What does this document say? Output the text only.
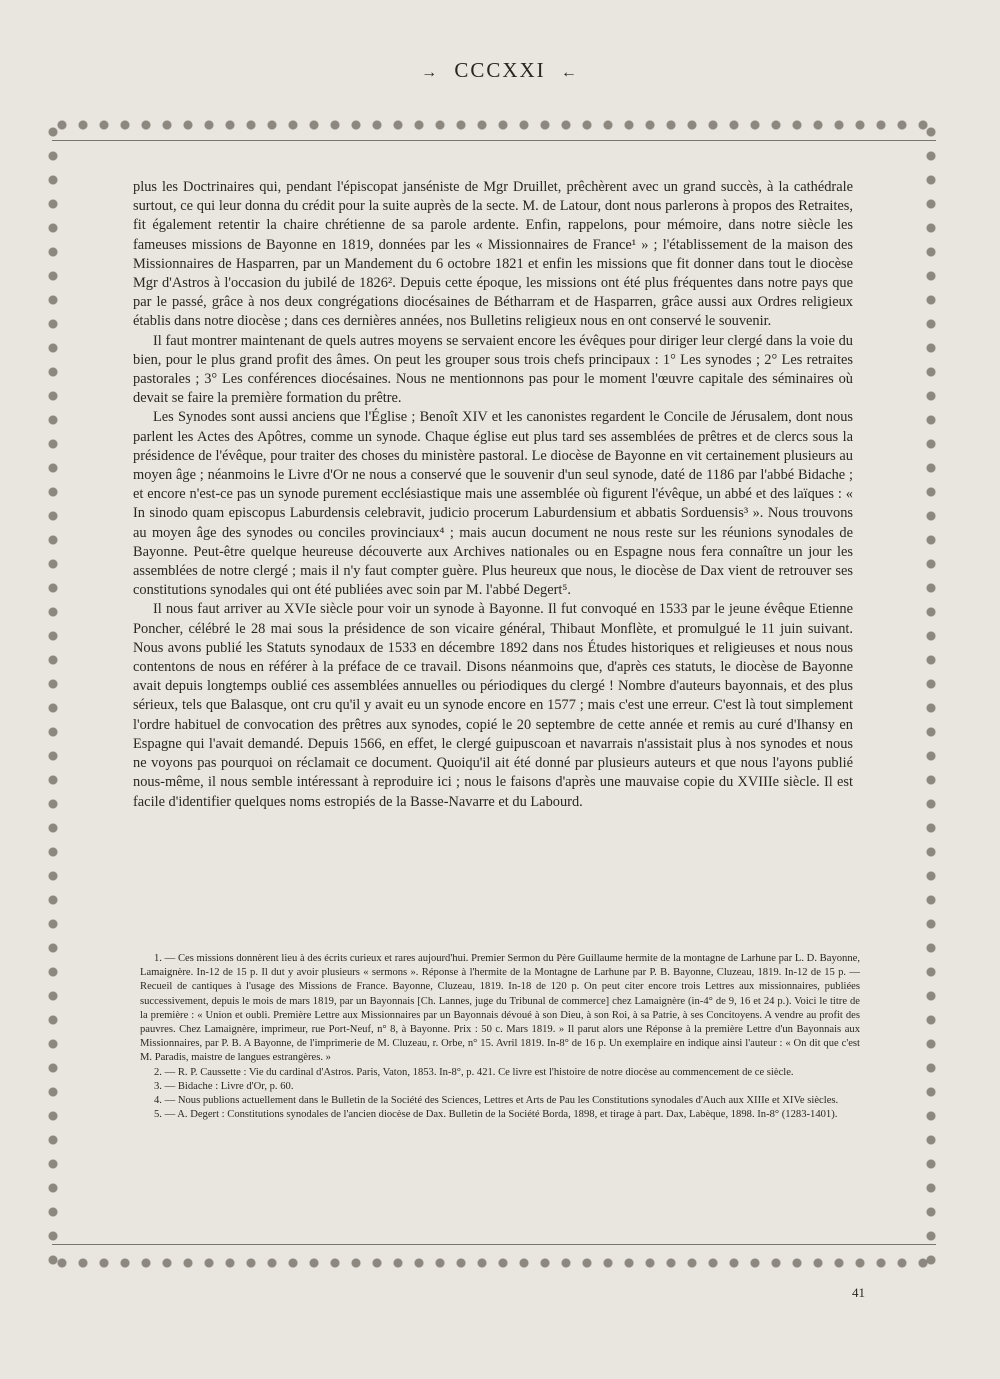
→ CCCXXI ←

plus les Doctrinaires qui, pendant l'épiscopat janséniste de Mgr Druillet, prêchèrent avec un grand succès, à la cathédrale surtout, ce qui leur donna du crédit pour la suite auprès de la secte. M. de Latour, dont nous parlerons à propos des Retraites, fit également retentir la chaire chrétienne de sa parole ardente. Enfin, rappelons, pour mémoire, dans notre siècle les fameuses missions de Bayonne en 1819, données par les « Missionnaires de France¹ » ; l'établissement de la maison des Missionnaires de Hasparren, par un Mandement du 6 octobre 1821 et enfin les missions que fit donner dans tout le diocèse Mgr d'Astros à l'occasion du jubilé de 1826². Depuis cette époque, les missions ont été plus fréquentes dans notre pays que par le passé, grâce à nos deux congrégations diocésaines de Bétharram et de Hasparren, grâce aussi aux Ordres religieux établis dans notre diocèse ; dans ces dernières années, nos Bulletins religieux nous en ont conservé le souvenir.

Il faut montrer maintenant de quels autres moyens se servaient encore les évêques pour diriger leur clergé dans la voie du bien, pour le plus grand profit des âmes. On peut les grouper sous trois chefs principaux : 1° Les synodes ; 2° Les retraites pastorales ; 3° Les conférences diocésaines. Nous ne mentionnons pas pour le moment l'œuvre capitale des séminaires où devait se faire la première formation du prêtre.

Les Synodes sont aussi anciens que l'Église ; Benoît XIV et les canonistes regardent le Concile de Jérusalem, dont nous parlent les Actes des Apôtres, comme un synode. Chaque église eut plus tard ses assemblées de prêtres et de clercs sous la présidence de l'évêque, pour traiter des choses du ministère pastoral. Le diocèse de Bayonne en vit certainement plusieurs au moyen âge ; néanmoins le Livre d'Or ne nous a conservé que le souvenir d'un seul synode, daté de 1186 par l'abbé Bidache ; et encore n'est-ce pas un synode purement ecclésiastique mais une assemblée où figurent l'évêque, un abbé et des laïques : « In sinodo quam episcopus Laburdensis celebravit, judicio procerum Laburdensium et abbatis Sorduensis³ ». Nous trouvons au moyen âge des synodes ou conciles provinciaux⁴ ; mais aucun document ne nous reste sur les réunions synodales de Bayonne. Peut-être quelque heureuse découverte aux Archives nationales ou en Espagne nous fera connaître un jour les assemblées de notre clergé ; mais il n'y faut compter guère. Plus heureux que nous, le diocèse de Dax vient de retrouver ses constitutions synodales qui ont été publiées avec soin par M. l'abbé Degert⁵.

Il nous faut arriver au XVIe siècle pour voir un synode à Bayonne. Il fut convoqué en 1533 par le jeune évêque Etienne Poncher, célébré le 28 mai sous la présidence de son vicaire général, Thibaut Monflète, et promulgué le 11 juin suivant. Nous avons publié les Statuts synodaux de 1533 en décembre 1892 dans nos Études historiques et religieuses et nous nous contentons de nous en référer à la préface de ce travail. Disons néanmoins que, d'après ces statuts, le diocèse de Bayonne avait depuis longtemps oublié ces assemblées annuelles ou périodiques du clergé ! Nombre d'auteurs bayonnais, et des plus sérieux, tels que Balasque, ont cru qu'il y avait eu un synode encore en 1577 ; mais c'est une erreur. C'est là tout simplement l'ordre habituel de convocation des prêtres aux synodes, copié le 20 septembre de cette année et remis au curé d'Ihansy en Espagne qui l'avait demandé. Depuis 1566, en effet, le clergé guipuscoan et navarrais n'assistait plus à nos synodes et nous ne voyons pas pourquoi on réclamait ce document. Quoiqu'il ait été donné par plusieurs auteurs et que nous l'ayons publié nous-même, il nous semble intéressant à reproduire ici ; nous le faisons d'après une mauvaise copie du XVIIIe siècle. Il est facile d'identifier quelques noms estropiés de la Basse-Navarre et du Labourd.

1. — Ces missions donnèrent lieu à des écrits curieux et rares aujourd'hui. Premier Sermon du Père Guillaume hermite de la montagne de Larhune par L. D. Bayonne, Lamaignère. In-12 de 15 p. Il dut y avoir plusieurs « sermons ». Réponse à l'hermite de la Montagne de Larhune par P. B. Bayonne, Cluzeau, 1819. In-12 de 15 p. — Recueil de cantiques à l'usage des Missions de France. Bayonne, Cluzeau, 1819. In-18 de 120 p. On peut citer encore trois Lettres aux missionnaires, publiées successivement, depuis le mois de mars 1819, par un Bayonnais [Ch. Lannes, juge du Tribunal de commerce] chez Lamaignère (in-4° de 9, 16 et 24 p.). Voici le titre de la première : « Union et oubli. Première Lettre aux Missionnaires par un Bayonnais dévoué à son Dieu, à son Roi, à sa Patrie, à ses Concitoyens. A vendre au profit des pauvres. Chez Lamaignère, imprimeur, rue Port-Neuf, n° 8, à Bayonne. Prix : 50 c. Mars 1819. » Il parut alors une Réponse à la première Lettre d'un Bayonnais aux Missionnaires, par P. B. A Bayonne, de l'imprimerie de M. Cluzeau, r. Orbe, n° 15. Avril 1819. In-8° de 16 p. Un exemplaire en indique ainsi l'auteur : « On dit que c'est M. Paradis, maistre de langues estrangères. »

2. — R. P. Caussette : Vie du cardinal d'Astros. Paris, Vaton, 1853. In-8°, p. 421. Ce livre est l'histoire de notre diocèse au commencement de ce siècle.

3. — Bidache : Livre d'Or, p. 60.

4. — Nous publions actuellement dans le Bulletin de la Société des Sciences, Lettres et Arts de Pau les Constitutions synodales d'Auch aux XIIIe et XIVe siècles.

5. — A. Degert : Constitutions synodales de l'ancien diocèse de Dax. Bulletin de la Société Borda, 1898, et tirage à part. Dax, Labèque, 1898. In-8° (1283-1401).

41
